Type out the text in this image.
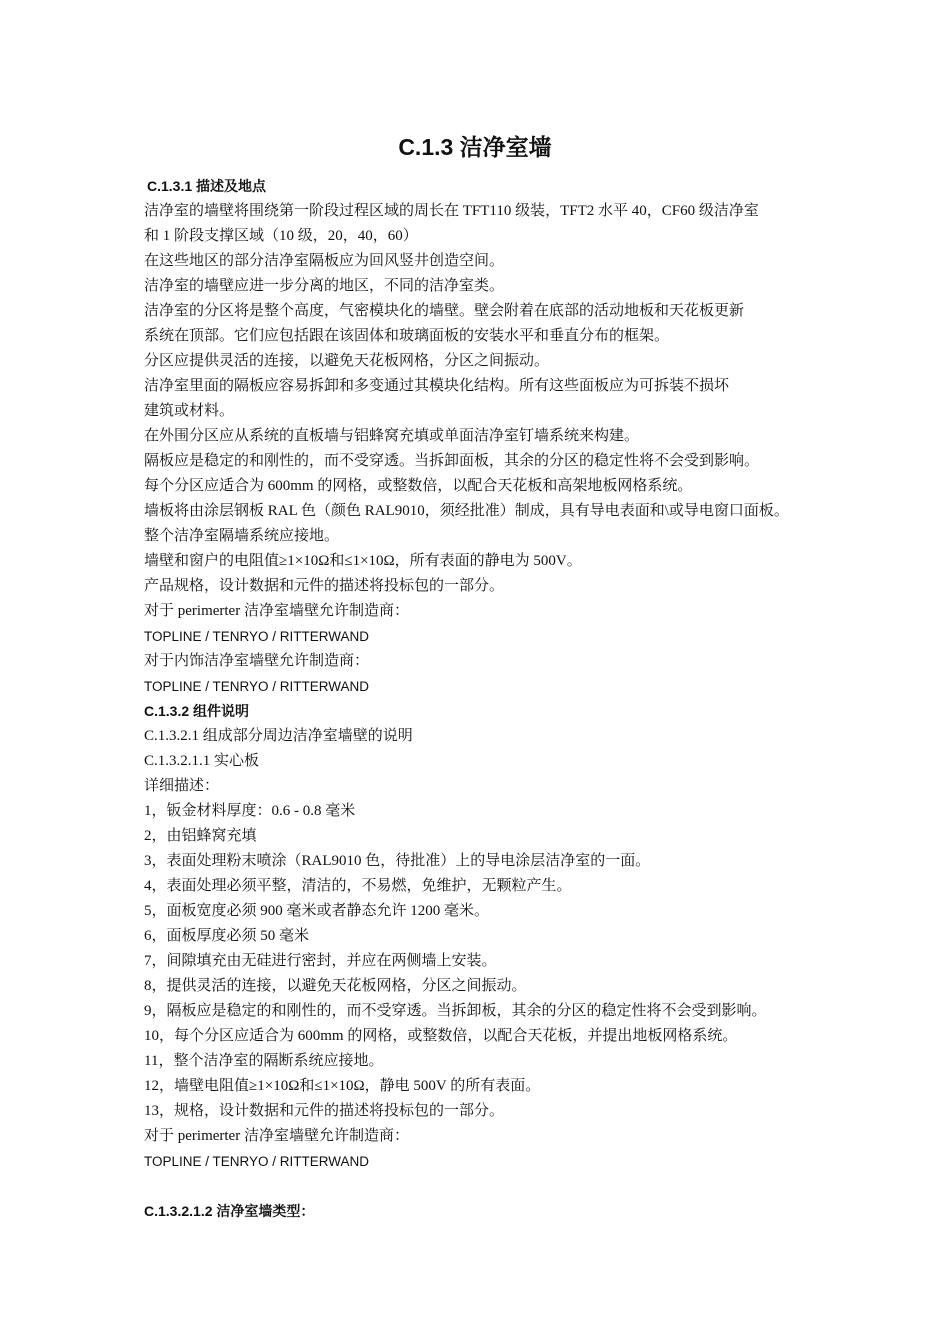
C.1.3 洁净室墙
C.1.3.1 描述及地点
洁净室的墙壁将围绕第一阶段过程区域的周长在 TFT110 级装，TFT2 水平 40，CF60 级洁净室
和 1 阶段支撑区域（10 级，20，40，60）
在这些地区的部分洁净室隔板应为回风竖井创造空间。
洁净室的墙壁应进一步分离的地区，不同的洁净室类。
洁净室的分区将是整个高度，气密模块化的墙壁。壁会附着在底部的活动地板和天花板更新
系统在顶部。它们应包括跟在该固体和玻璃面板的安装水平和垂直分布的框架。
分区应提供灵活的连接，以避免天花板网格，分区之间振动。
洁净室里面的隔板应容易拆卸和多变通过其模块化结构。所有这些面板应为可拆装不损坏
建筑或材料。
在外围分区应从系统的直板墙与铝蜂窝充填或单面洁净室钉墙系统来构建。
隔板应是稳定的和刚性的，而不受穿透。当拆卸面板，其余的分区的稳定性将不会受到影响。
每个分区应适合为 600mm 的网格，或整数倍，以配合天花板和高架地板网格系统。
墙板将由涂层钢板 RAL 色（颜色 RAL9010，须经批准）制成，具有导电表面和\或导电窗口面板。
整个洁净室隔墙系统应接地。
墙壁和窗户的电阻值≥1×10Ω和≤1×10Ω，所有表面的静电为 500V。
产品规格，设计数据和元件的描述将投标包的一部分。
对于 perimerter 洁净室墙壁允许制造商：
TOPLINE / TENRYO / RITTERWAND
对于内饰洁净室墙壁允许制造商：
TOPLINE / TENRYO / RITTERWAND
C.1.3.2 组件说明
C.1.3.2.1 组成部分周边洁净室墙壁的说明
C.1.3.2.1.1 实心板
详细描述：
1，钣金材料厚度：0.6 - 0.8 毫米
2，由铝蜂窝充填
3，表面处理粉末喷涂（RAL9010 色，待批准）上的导电涂层洁净室的一面。
4，表面处理必须平整，清洁的，不易燃，免维护，无颗粒产生。
5，面板宽度必须 900 毫米或者静态允许 1200 毫米。
6，面板厚度必须 50 毫米
7，间隙填充由无硅进行密封，并应在两侧墙上安装。
8，提供灵活的连接，以避免天花板网格，分区之间振动。
9，隔板应是稳定的和刚性的，而不受穿透。当拆卸板，其余的分区的稳定性将不会受到影响。
10，每个分区应适合为 600mm 的网格，或整数倍，以配合天花板，并提出地板网格系统。
11，整个洁净室的隔断系统应接地。
12，墙壁电阻值≥1×10Ω和≤1×10Ω，静电 500V 的所有表面。
13，规格，设计数据和元件的描述将投标包的一部分。
对于 perimerter 洁净室墙壁允许制造商：
TOPLINE / TENRYO / RITTERWAND
C.1.3.2.1.2 洁净室墙类型：
